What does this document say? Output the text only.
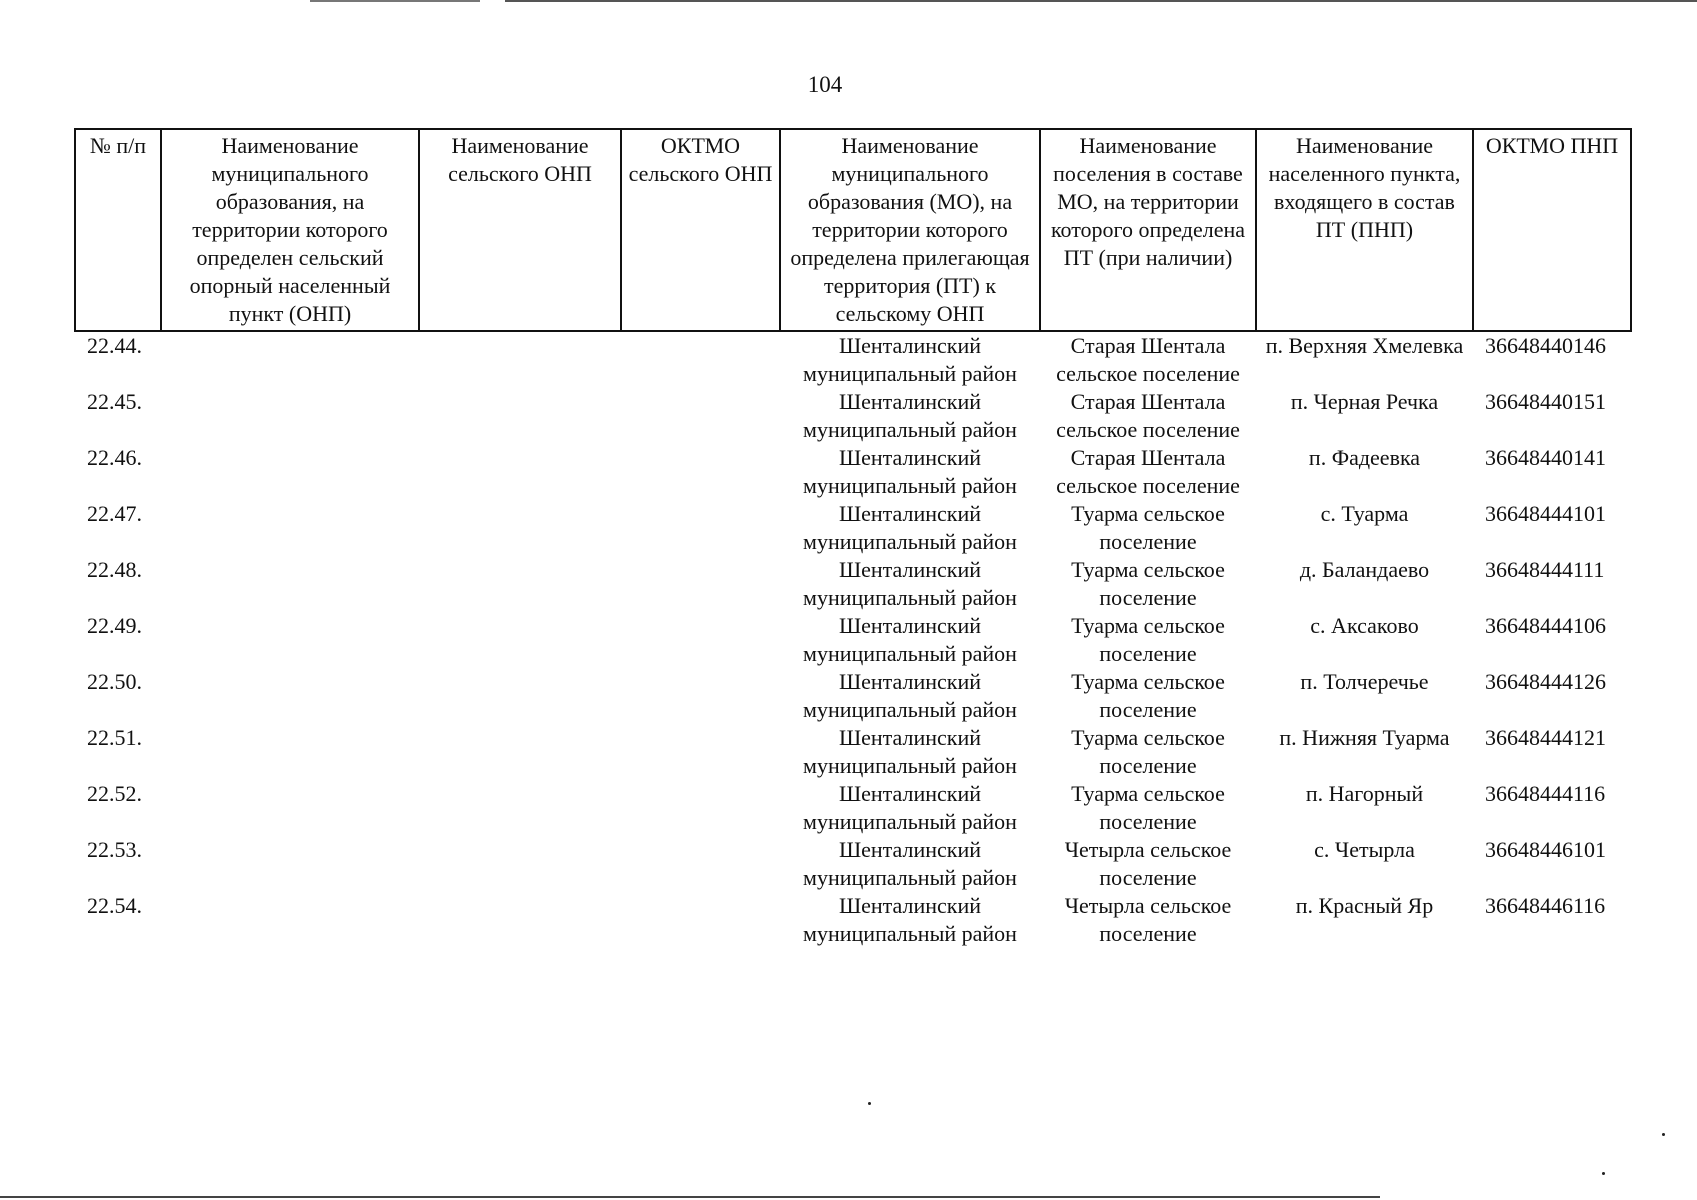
104
№ п/п	Наименование муниципального образования, на территории которого определен сельский опорный населенный пункт (ОНП)	Наименование сельского ОНП	ОКТМО сельского ОНП	Наименование муниципального образования (МО), на территории которого определена прилегающая территория (ПТ) к сельскому ОНП	Наименование поселения в составе МО, на территории которого определена ПТ (при наличии)	Наименование населенного пункта, входящего в состав ПТ (ПНП)	ОКТМО ПНП
22.44.				Шенталинский муниципальный район	Старая Шентала сельское поселение	п. Верхняя Хмелевка	36648440146
22.45.				Шенталинский муниципальный район	Старая Шентала сельское поселение	п. Черная Речка	36648440151
22.46.				Шенталинский муниципальный район	Старая Шентала сельское поселение	п. Фадеевка	36648440141
22.47.				Шенталинский муниципальный район	Туарма сельское поселение	с. Туарма	36648444101
22.48.				Шенталинский муниципальный район	Туарма сельское поселение	д. Баландаево	36648444111
22.49.				Шенталинский муниципальный район	Туарма сельское поселение	с. Аксаково	36648444106
22.50.				Шенталинский муниципальный район	Туарма сельское поселение	п. Толчеречье	36648444126
22.51.				Шенталинский муниципальный район	Туарма сельское поселение	п. Нижняя Туарма	36648444121
22.52.				Шенталинский муниципальный район	Туарма сельское поселение	п. Нагорный	36648444116
22.53.				Шенталинский муниципальный район	Четырла сельское поселение	с. Четырла	36648446101
22.54.				Шенталинский муниципальный район	Четырла сельское поселение	п. Красный Яр	36648446116
